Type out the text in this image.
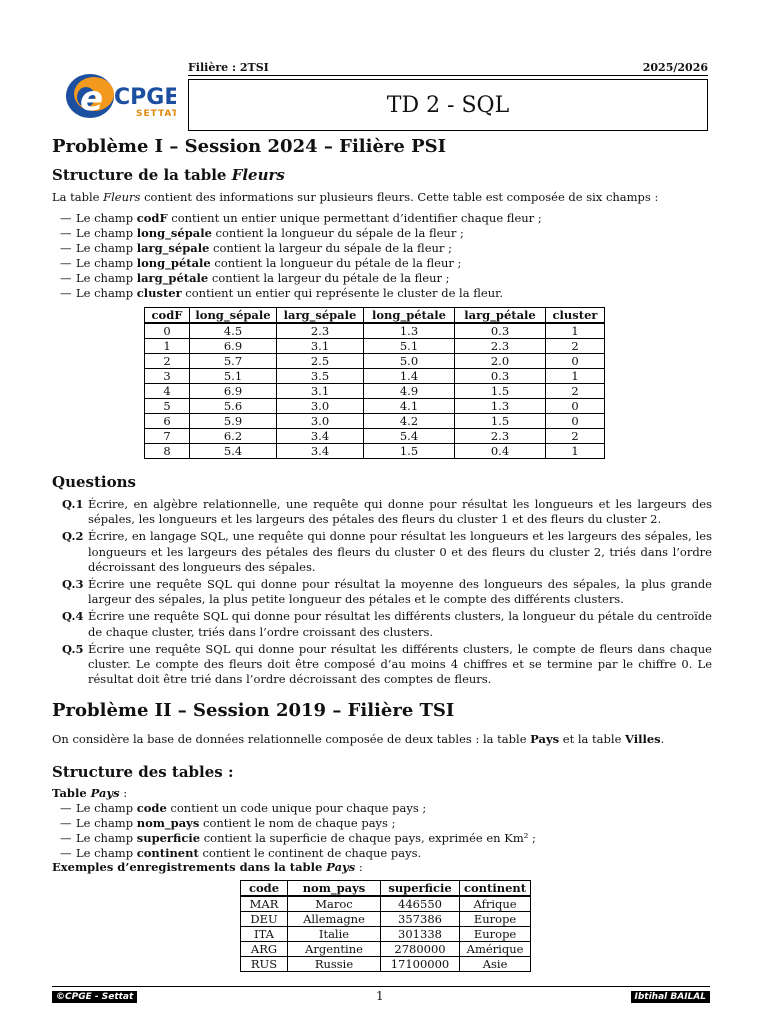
e CPGE
SETTAT
Filière : 2TSI	2025/2026
TD 2 - SQL
Problème I – Session 2024 – Filière PSI
Structure de la table Fleurs
La table Fleurs contient des informations sur plusieurs fleurs. Cette table est composée de six champs :
— Le champ codF contient un entier unique permettant d’identifier chaque fleur ;
— Le champ long_sépale contient la longueur du sépale de la fleur ;
— Le champ larg_sépale contient la largeur du sépale de la fleur ;
— Le champ long_pétale contient la longueur du pétale de la fleur ;
— Le champ larg_pétale contient la largeur du pétale de la fleur ;
— Le champ cluster contient un entier qui représente le cluster de la fleur.
codF	long_sépale	larg_sépale	long_pétale	larg_pétale	cluster
0	4.5	2.3	1.3	0.3	1
1	6.9	3.1	5.1	2.3	2
2	5.7	2.5	5.0	2.0	0
3	5.1	3.5	1.4	0.3	1
4	6.9	3.1	4.9	1.5	2
5	5.6	3.0	4.1	1.3	0
6	5.9	3.0	4.2	1.5	0
7	6.2	3.4	5.4	2.3	2
8	5.4	3.4	1.5	0.4	1
Questions
Q.1 Écrire, en algèbre relationnelle, une requête qui donne pour résultat les longueurs et les largeurs des sépales, les longueurs et les largeurs des pétales des fleurs du cluster 1 et des fleurs du cluster 2.
Q.2 Écrire, en langage SQL, une requête qui donne pour résultat les longueurs et les largeurs des sépales, les longueurs et les largeurs des pétales des fleurs du cluster 0 et des fleurs du cluster 2, triés dans l’ordre décroissant des longueurs des sépales.
Q.3 Écrire une requête SQL qui donne pour résultat la moyenne des longueurs des sépales, la plus grande largeur des sépales, la plus petite longueur des pétales et le compte des différents clusters.
Q.4 Écrire une requête SQL qui donne pour résultat les différents clusters, la longueur du pétale du centroïde de chaque cluster, triés dans l’ordre croissant des clusters.
Q.5 Écrire une requête SQL qui donne pour résultat les différents clusters, le compte de fleurs dans chaque cluster. Le compte des fleurs doit être composé d’au moins 4 chiffres et se termine par le chiffre 0. Le résultat doit être trié dans l’ordre décroissant des comptes de fleurs.
Problème II – Session 2019 – Filière TSI
On considère la base de données relationnelle composée de deux tables : la table Pays et la table Villes.
Structure des tables :
Table Pays :
— Le champ code contient un code unique pour chaque pays ;
— Le champ nom_pays contient le nom de chaque pays ;
— Le champ superficie contient la superficie de chaque pays, exprimée en Km² ;
— Le champ continent contient le continent de chaque pays.
Exemples d’enregistrements dans la table Pays :
code	nom_pays	superficie	continent
MAR	Maroc	446550	Afrique
DEU	Allemagne	357386	Europe
ITA	Italie	301338	Europe
ARG	Argentine	2780000	Amérique
RUS	Russie	17100000	Asie
©CPGE - Settat	1	Ibtihal BAILAL
